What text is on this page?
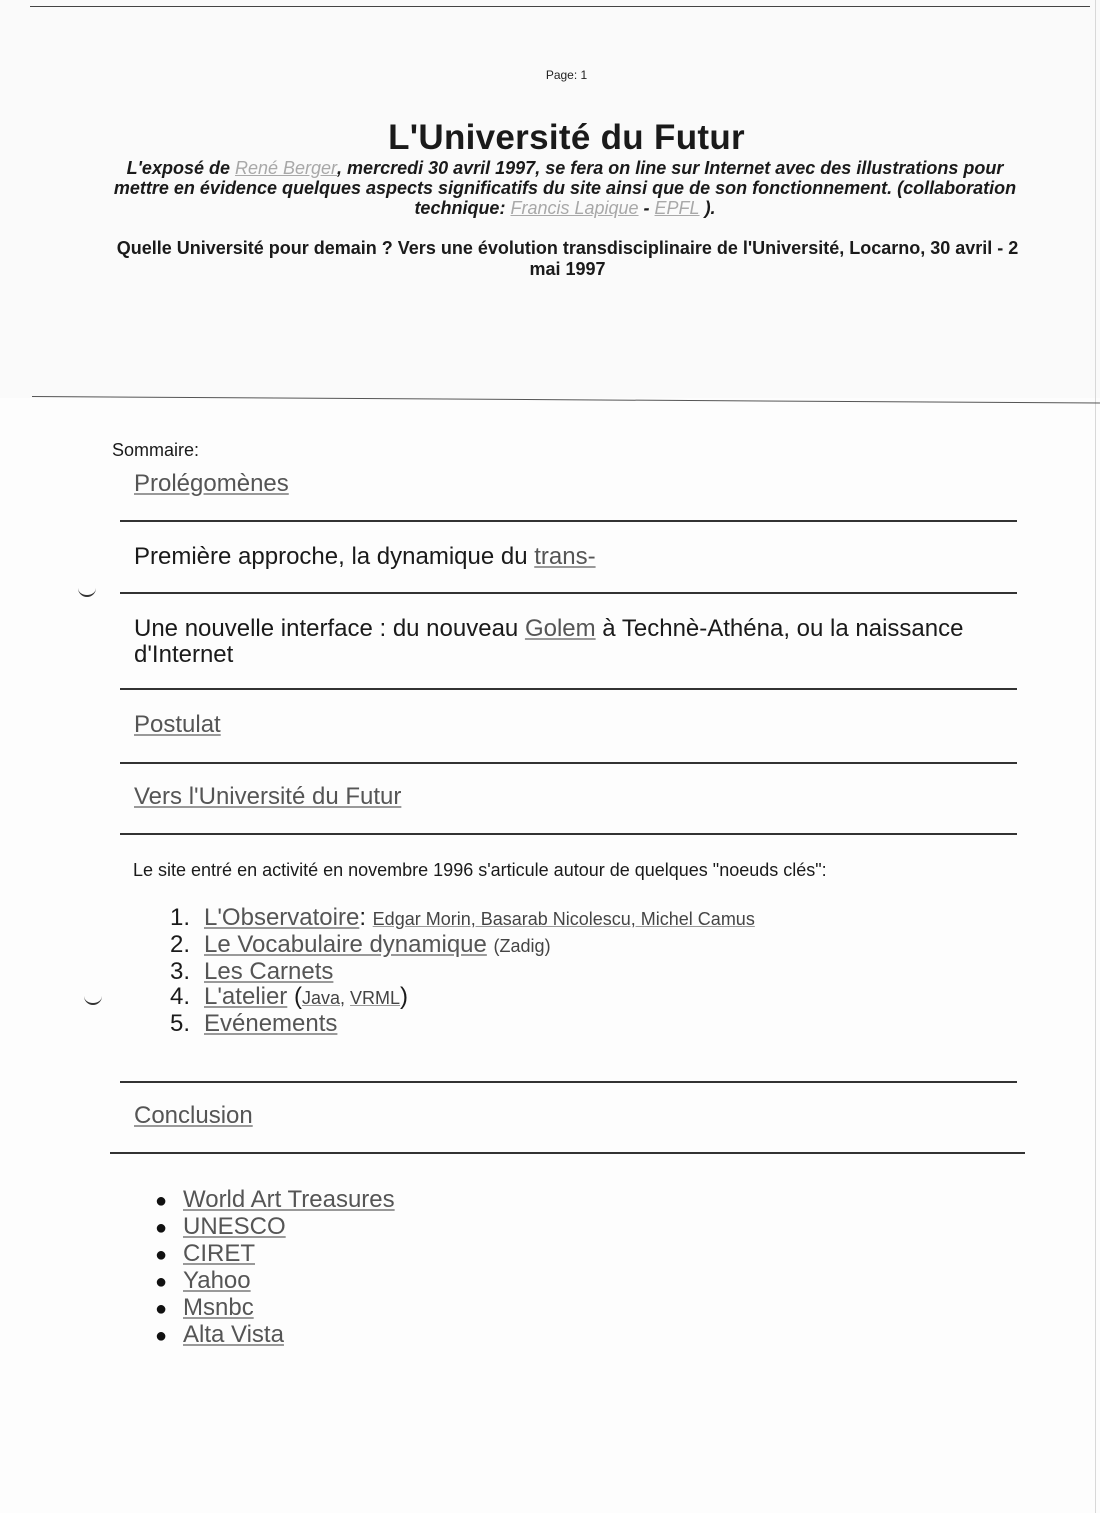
Page: 1
L'Université du Futur
L'exposé de René Berger, mercredi 30 avril 1997, se fera on line sur Internet avec des illustrations pour mettre en évidence quelques aspects significatifs du site ainsi que de son fonctionnement. (collaboration technique: Francis Lapique - EPFL ).
Quelle Université pour demain ? Vers une évolution transdisciplinaire de l'Université, Locarno, 30 avril - 2 mai 1997
Sommaire:
Prolégomènes
Première approche, la dynamique du trans-
Une nouvelle interface : du nouveau Golem à Technè-Athéna, ou la naissance d'Internet
Postulat
Vers l'Université du Futur
Le site entré en activité en novembre 1996 s'articule autour de quelques "noeuds clés":
1. L'Observatoire: Edgar Morin, Basarab Nicolescu, Michel Camus
2. Le Vocabulaire dynamique (Zadig)
3. Les Carnets
4. L'atelier (Java, VRML)
5. Evénements
Conclusion
● World Art Treasures
● UNESCO
● CIRET
● Yahoo
● Msnbc
● Alta Vista
